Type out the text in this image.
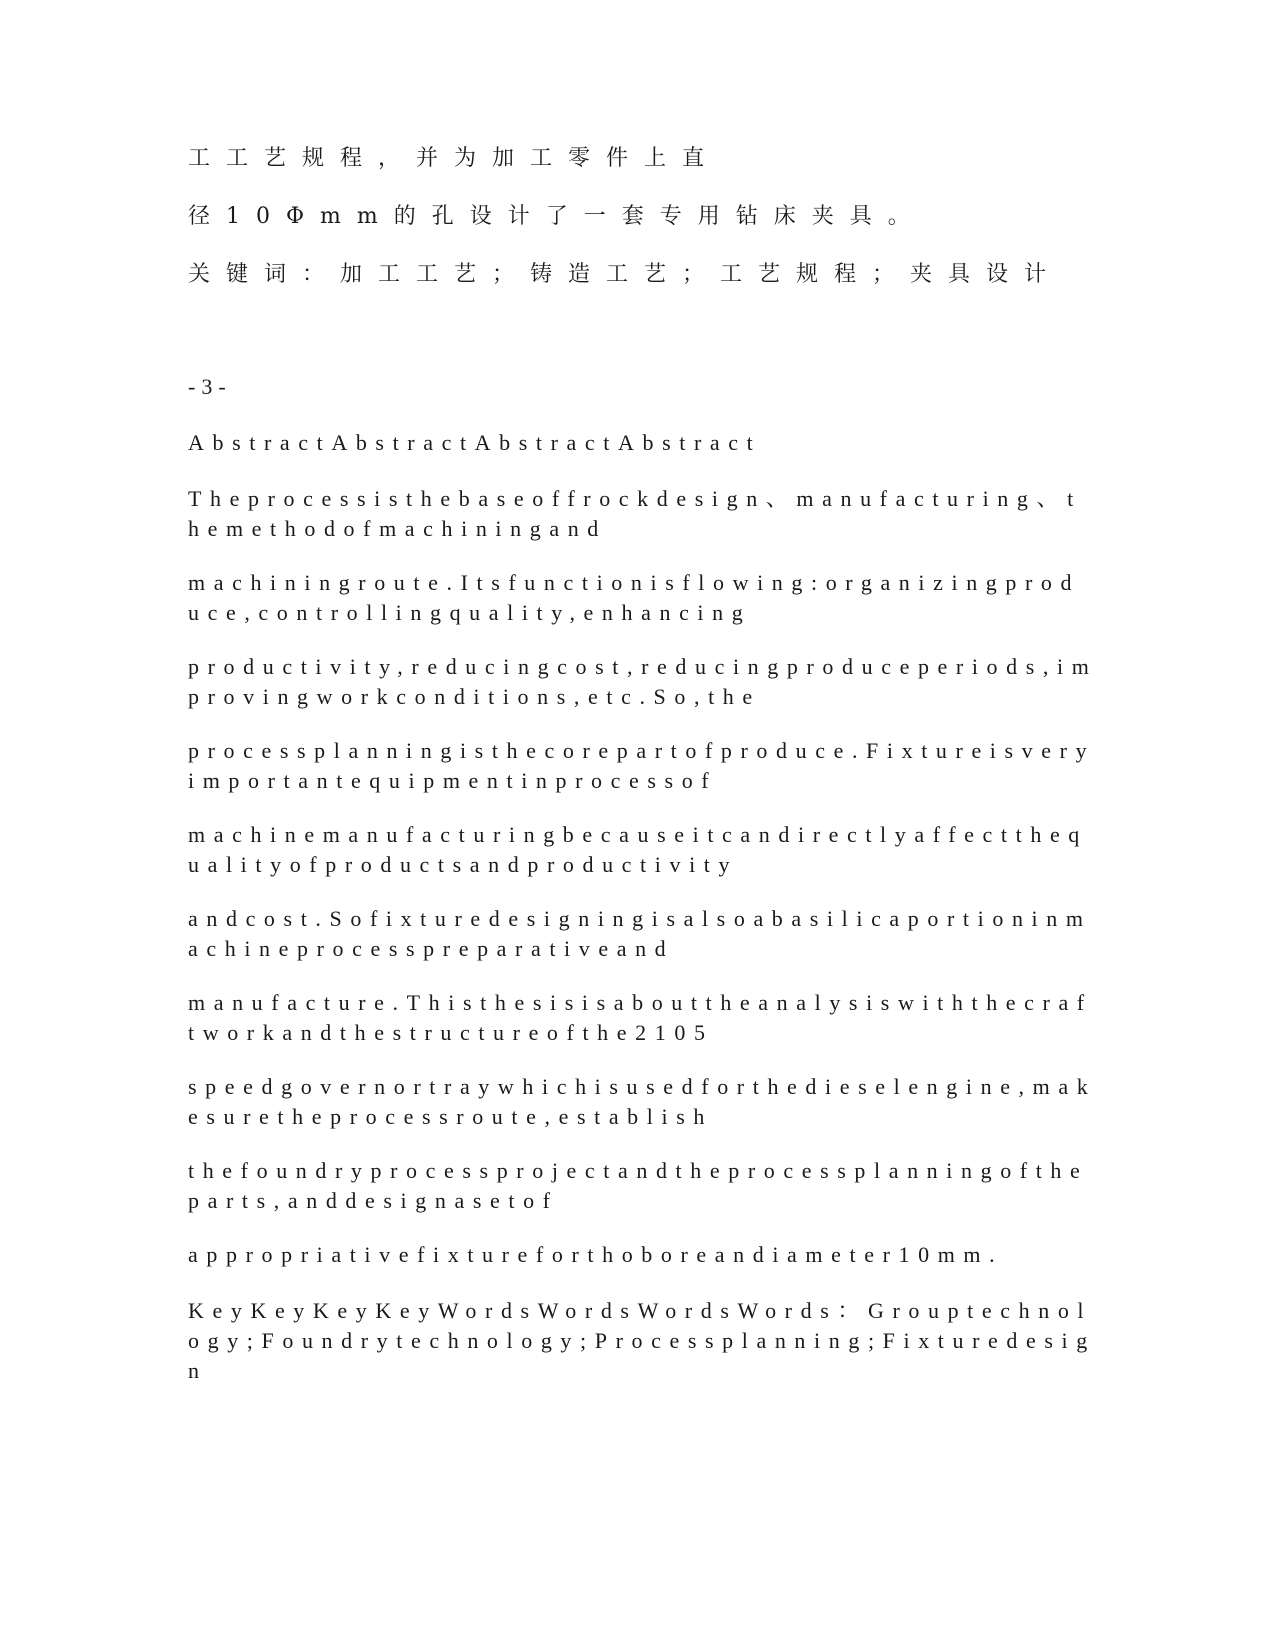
工工艺规程，并为加工零件上直
径10Φmm的孔设计了一套专用钻床夹具。
关键词：加工工艺；铸造工艺；工艺规程；夹具设计
-3-
AbstractAbstractAbstractAbstract
Theprocessisthebaseoffrockdesign、manufacturing、themethodofmachiningand
machiningroute.Itsfunctionisflowing:organizingproduce,controllingquality,enhancing
productivity,reducingcost,reducingproduceperiods,improvingworkconditions,etc.So,the
processplanningisthecorepartofproduce.Fixtureisveryimportantequipmentinprocessof
machinemanufacturingbecauseitcandirectlyaffectthequalityofproductsandproductivity
andcost.Sofixturedesigningisalsoabasilicaportioninmachineprocesspreparativeand
manufacture.Thisthesisisabouttheanalysiswiththecraftworkandthestructureofthe2105
speedgovernortraywhichisusedforthedieselengine,makesuretheprocessroute,establish
thefoundryprocessprojectandtheprocessplanningoftheparts,anddesignasetof
appropriativefixtureforthoboreandiameter10mm.
KeyKeyKeyKeyWordsWordsWordsWords：Grouptechnology;Foundrytechnology;Processplanning;Fixturedesign
